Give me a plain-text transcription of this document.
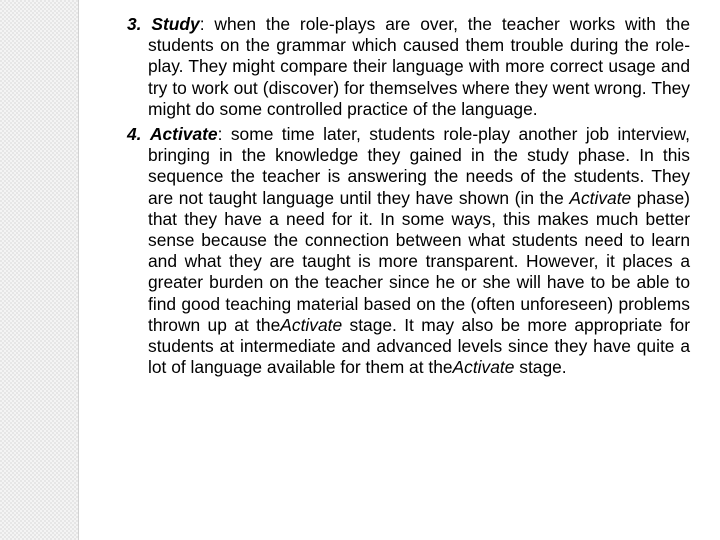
3. Study: when the role-plays are over, the teacher works with the students on the grammar which caused them trouble during the role-play. They might compare their language with more correct usage and try to work out (discover) for themselves where they went wrong. They might do some controlled practice of the language.

4. Activate: some time later, students role-play another job interview, bringing in the knowledge they gained in the study phase. In this sequence the teacher is answering the needs of the students. They are not taught language until they have shown (in the Activate phase) that they have a need for it. In some ways, this makes much better sense because the connection between what students need to learn and what they are taught is more transparent. However, it places a greater burden on the teacher since he or she will have to be able to find good teaching material based on the (often unforeseen) problems thrown up at theActivate stage. It may also be more appropriate for students at intermediate and advanced levels since they have quite a lot of language available for them at theActivate stage.
